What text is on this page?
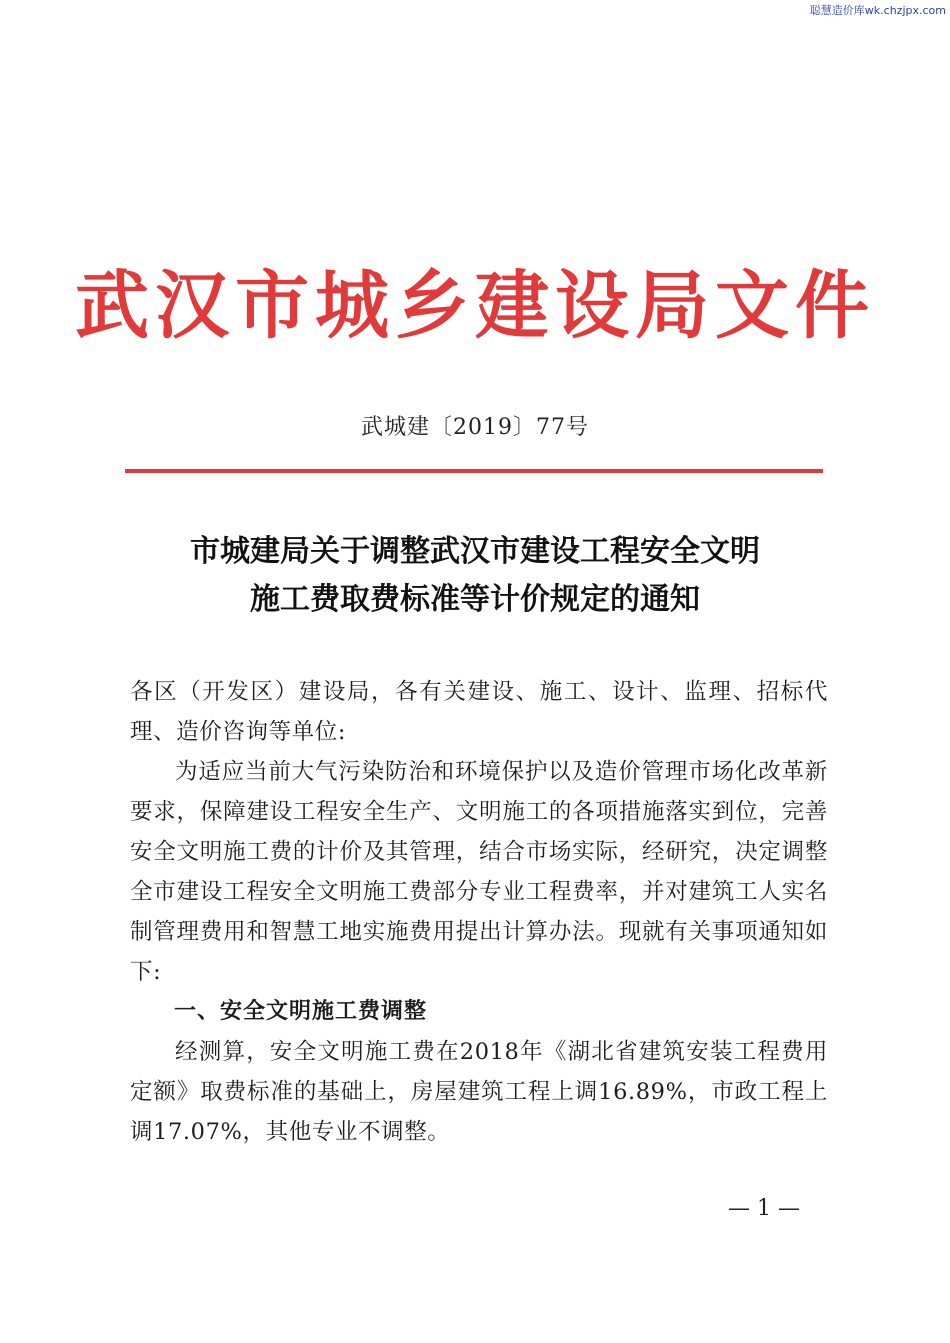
聪慧造价库wk.chzjpx.com
武汉市城乡建设局文件
武城建〔2019〕77号
市城建局关于调整武汉市建设工程安全文明
施工费取费标准等计价规定的通知

各区（开发区）建设局，各有关建设、施工、设计、监理、招标代理、造价咨询等单位:

为适应当前大气污染防治和环境保护以及造价管理市场化改革新要求，保障建设工程安全生产、文明施工的各项措施落实到位，完善安全文明施工费的计价及其管理，结合市场实际，经研究，决定调整全市建设工程安全文明施工费部分专业工程费率，并对建筑工人实名制管理费用和智慧工地实施费用提出计算办法。现就有关事项通知如下:

一、安全文明施工费调整

经测算，安全文明施工费在2018年《湖北省建筑安装工程费用定额》取费标准的基础上，房屋建筑工程上调16.89%，市政工程上调17.07%，其他专业不调整。

— 1 —
